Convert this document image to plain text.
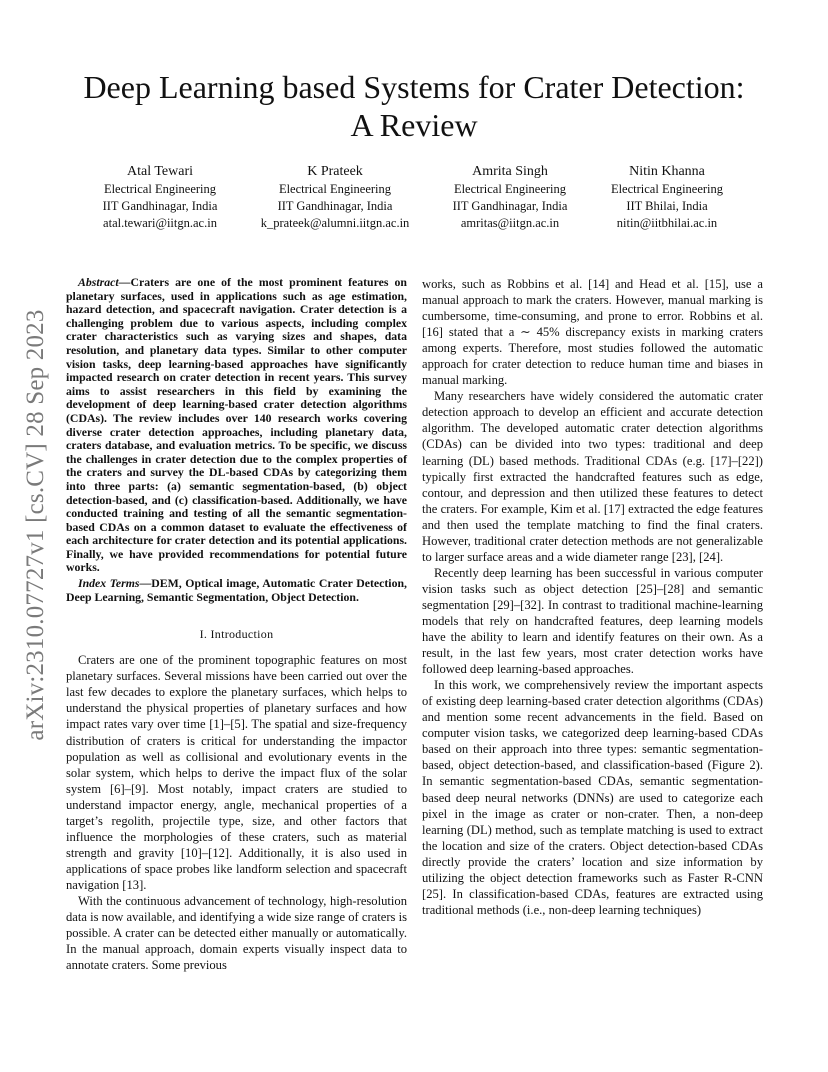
Deep Learning based Systems for Crater Detection:
A Review
Atal Tewari
Electrical Engineering
IIT Gandhinagar, India
atal.tewari@iitgn.ac.in
K Prateek
Electrical Engineering
IIT Gandhinagar, India
k_prateek@alumni.iitgn.ac.in
Amrita Singh
Electrical Engineering
IIT Gandhinagar, India
amritas@iitgn.ac.in
Nitin Khanna
Electrical Engineering
IIT Bhilai, India
nitin@iitbhilai.ac.in
arXiv:2310.07727v1 [cs.CV] 28 Sep 2023

Abstract—Craters are one of the most prominent features on planetary surfaces, used in applications such as age estimation, hazard detection, and spacecraft navigation. Crater detection is a challenging problem due to various aspects, including complex crater characteristics such as varying sizes and shapes, data resolution, and planetary data types. Similar to other computer vision tasks, deep learning-based approaches have significantly impacted research on crater detection in recent years. This survey aims to assist researchers in this field by examining the development of deep learning-based crater detection algorithms (CDAs). The review includes over 140 research works covering diverse crater detection approaches, including planetary data, craters database, and evaluation metrics. To be specific, we discuss the challenges in crater detection due to the complex properties of the craters and survey the DL-based CDAs by categorizing them into three parts: (a) semantic segmentation-based, (b) object detection-based, and (c) classification-based. Additionally, we have conducted training and testing of all the semantic segmentation-based CDAs on a common dataset to evaluate the effectiveness of each architecture for crater detection and its potential applications. Finally, we have provided recommendations for potential future works.

Index Terms—DEM, Optical image, Automatic Crater Detection, Deep Learning, Semantic Segmentation, Object Detection.

I. Introduction

Craters are one of the prominent topographic features on most planetary surfaces. Several missions have been carried out over the last few decades to explore the planetary surfaces, which helps to understand the physical properties of planetary surfaces and how impact rates vary over time [1]–[5]. The spatial and size-frequency distribution of craters is critical for understanding the impactor population as well as collisional and evolutionary events in the solar system, which helps to derive the impact flux of the solar system [6]–[9]. Most notably, impact craters are studied to understand impactor energy, angle, mechanical properties of a target’s regolith, projectile type, size, and other factors that influence the morphologies of these craters, such as material strength and gravity [10]–[12]. Additionally, it is also used in applications of space probes like landform selection and spacecraft navigation [13].

With the continuous advancement of technology, high-resolution data is now available, and identifying a wide size range of craters is possible. A crater can be detected either manually or automatically. In the manual approach, domain experts visually inspect data to annotate craters. Some previous

works, such as Robbins et al. [14] and Head et al. [15], use a manual approach to mark the craters. However, manual marking is cumbersome, time-consuming, and prone to error. Robbins et al. [16] stated that a ∼ 45% discrepancy exists in marking craters among experts. Therefore, most studies followed the automatic approach for crater detection to reduce human time and biases in manual marking.

Many researchers have widely considered the automatic crater detection approach to develop an efficient and accurate detection algorithm. The developed automatic crater detection algorithms (CDAs) can be divided into two types: traditional and deep learning (DL) based methods. Traditional CDAs (e.g. [17]–[22]) typically first extracted the handcrafted features such as edge, contour, and depression and then utilized these features to detect the craters. For example, Kim et al. [17] extracted the edge features and then used the template matching to find the final craters. However, traditional crater detection methods are not generalizable to larger surface areas and a wide diameter range [23], [24].

Recently deep learning has been successful in various computer vision tasks such as object detection [25]–[28] and semantic segmentation [29]–[32]. In contrast to traditional machine-learning models that rely on handcrafted features, deep learning models have the ability to learn and identify features on their own. As a result, in the last few years, most crater detection works have followed deep learning-based approaches.

In this work, we comprehensively review the important aspects of existing deep learning-based crater detection algorithms (CDAs) and mention some recent advancements in the field. Based on computer vision tasks, we categorized deep learning-based CDAs based on their approach into three types: semantic segmentation-based, object detection-based, and classification-based (Figure 2). In semantic segmentation-based CDAs, semantic segmentation-based deep neural networks (DNNs) are used to categorize each pixel in the image as crater or non-crater. Then, a non-deep learning (DL) method, such as template matching is used to extract the location and size of the craters. Object detection-based CDAs directly provide the craters’ location and size information by utilizing the object detection frameworks such as Faster R-CNN [25]. In classification-based CDAs, features are extracted using traditional methods (i.e., non-deep learning techniques)
